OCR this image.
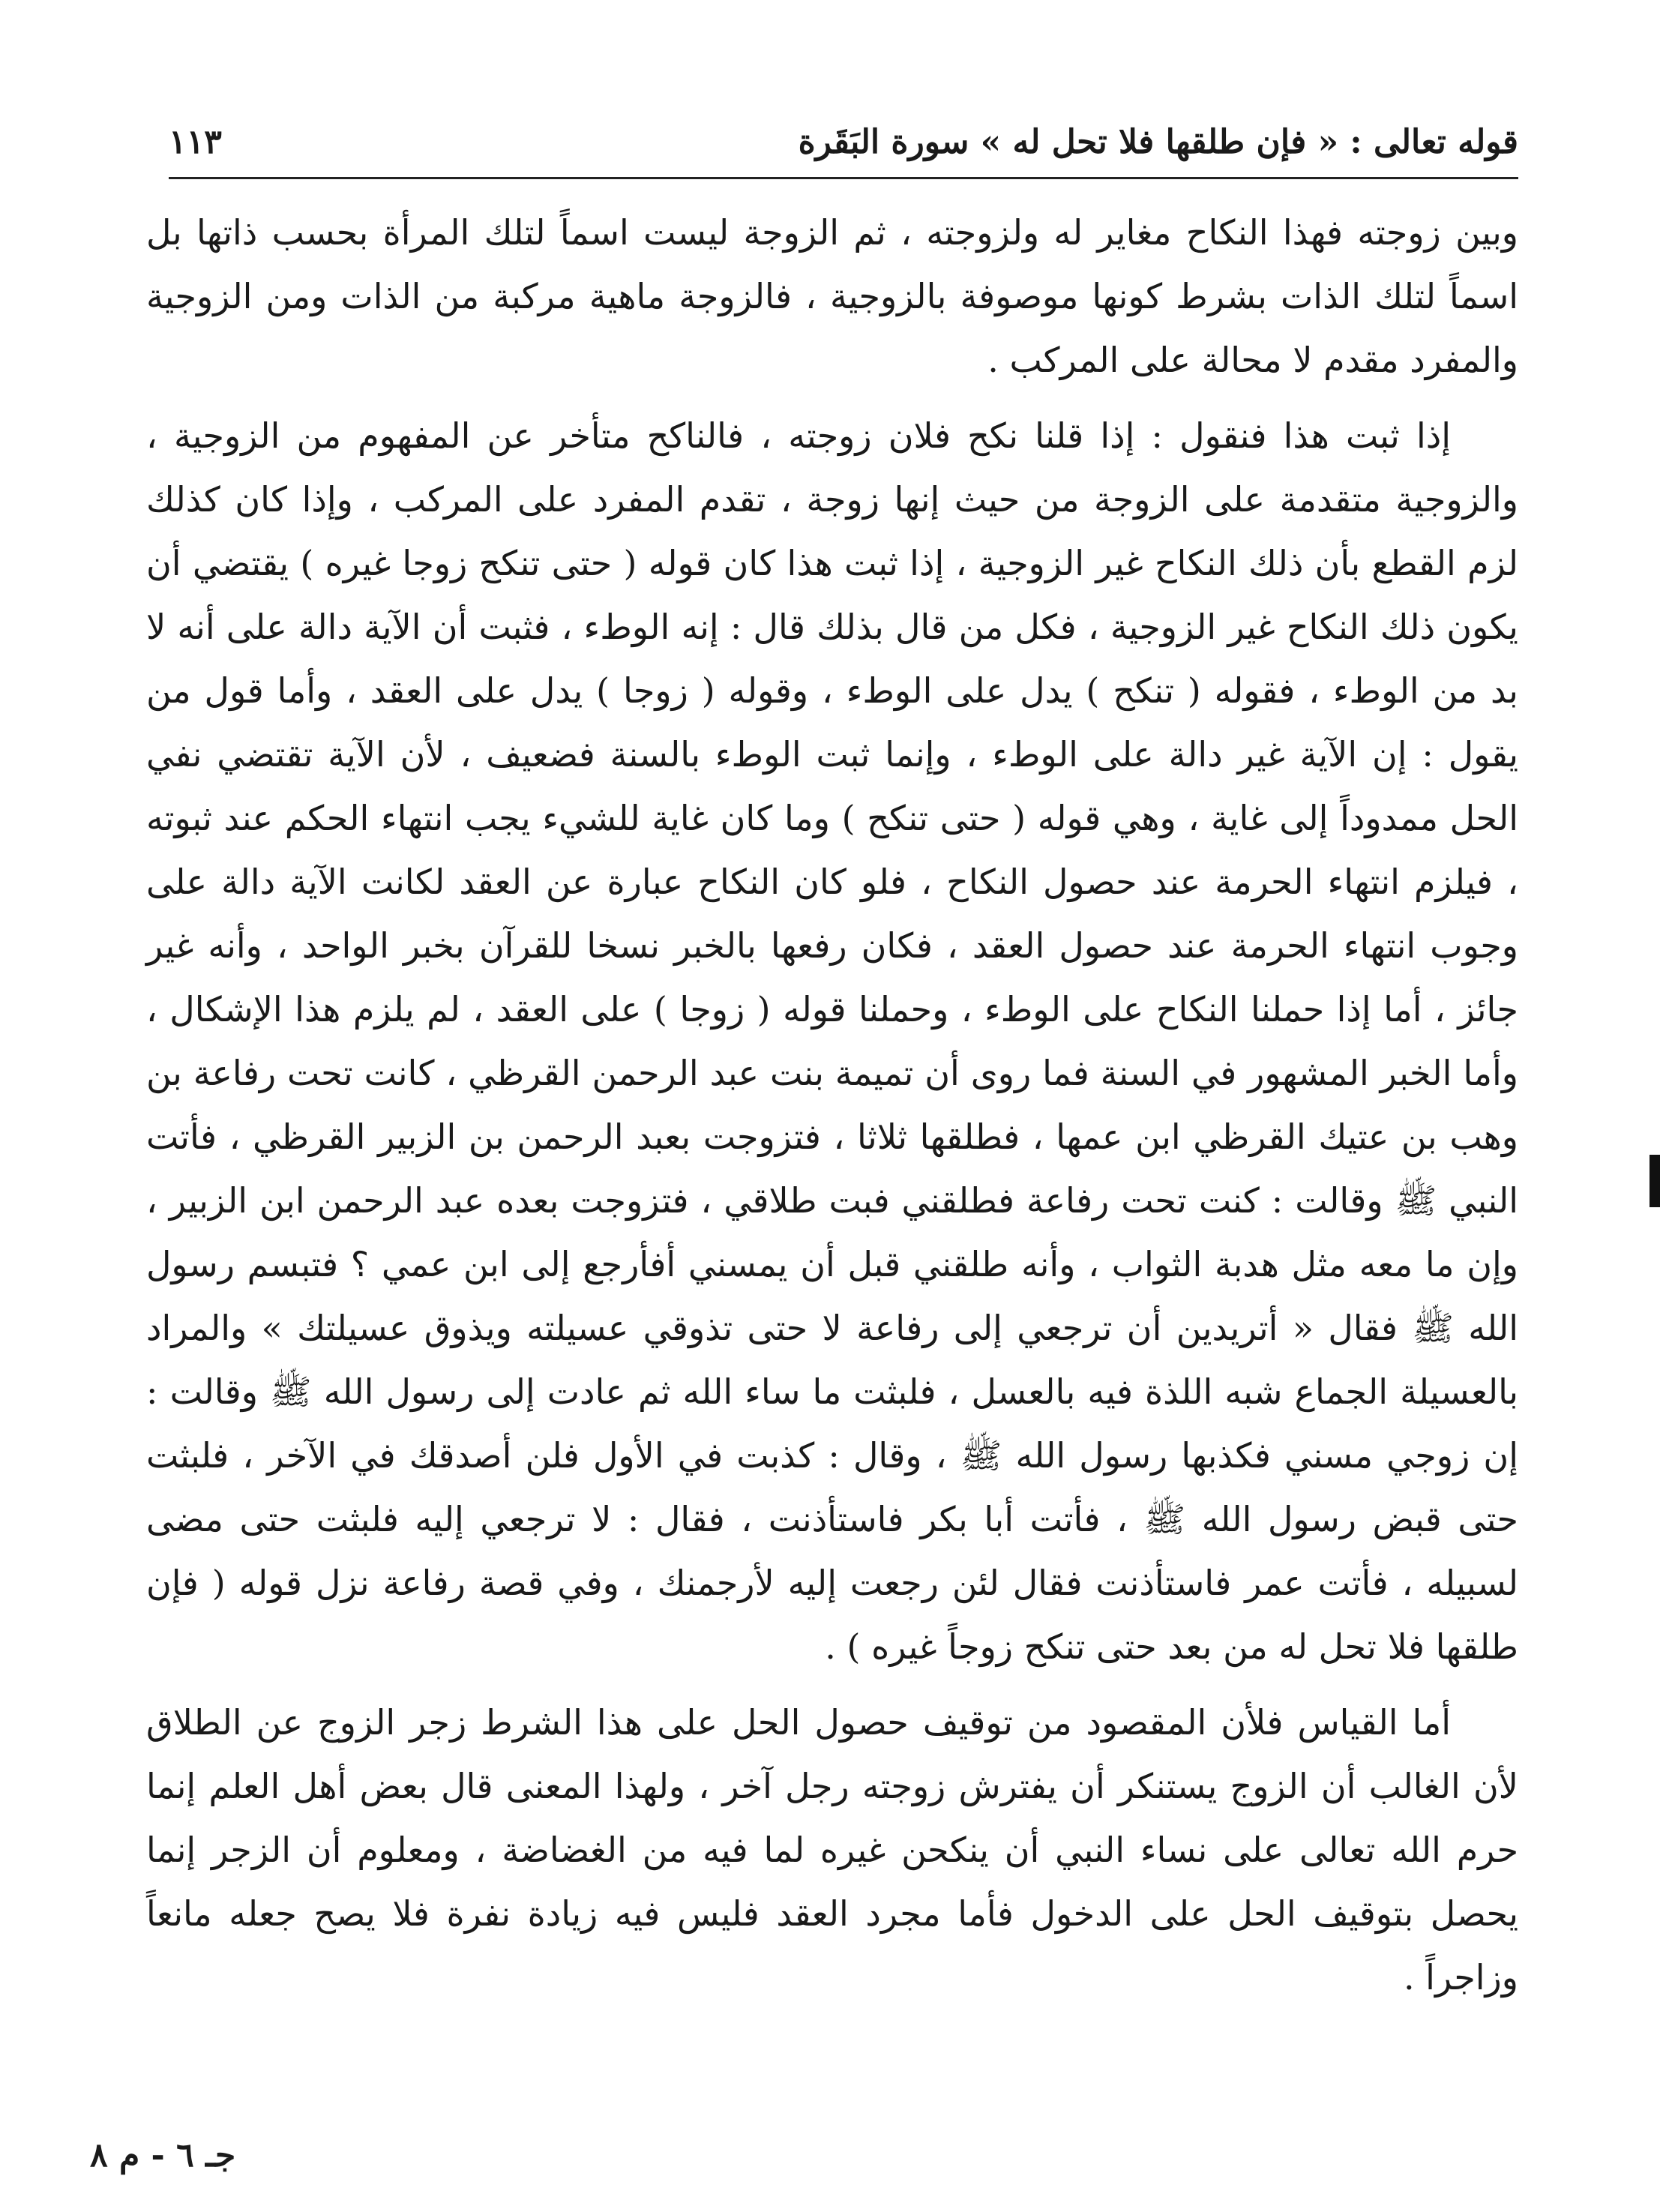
قوله تعالى : « فإن طلقها فلا تحل له » سورة البَقَرة
١١٣

وبين زوجته فهذا النكاح مغاير له ولزوجته ، ثم الزوجة ليست اسماً لتلك المرأة بحسب ذاتها بل اسماً لتلك الذات بشرط كونها موصوفة بالزوجية ، فالزوجة ماهية مركبة من الذات ومن الزوجية والمفرد مقدم لا محالة على المركب .

إذا ثبت هذا فنقول : إذا قلنا نكح فلان زوجته ، فالناكح متأخر عن المفهوم من الزوجية ، والزوجية متقدمة على الزوجة من حيث إنها زوجة ، تقدم المفرد على المركب ، وإذا كان كذلك لزم القطع بأن ذلك النكاح غير الزوجية ، إذا ثبت هذا كان قوله ( حتى تنكح زوجا غيره ) يقتضي أن يكون ذلك النكاح غير الزوجية ، فكل من قال بذلك قال : إنه الوطء ، فثبت أن الآية دالة على أنه لا بد من الوطء ، فقوله ( تنكح ) يدل على الوطء ، وقوله ( زوجا ) يدل على العقد ، وأما قول من يقول : إن الآية غير دالة على الوطء ، وإنما ثبت الوطء بالسنة فضعيف ، لأن الآية تقتضي نفي الحل ممدوداً إلى غاية ، وهي قوله ( حتى تنكح ) وما كان غاية للشيء يجب انتهاء الحكم عند ثبوته ، فيلزم انتهاء الحرمة عند حصول النكاح ، فلو كان النكاح عبارة عن العقد لكانت الآية دالة على وجوب انتهاء الحرمة عند حصول العقد ، فكان رفعها بالخبر نسخا للقرآن بخبر الواحد ، وأنه غير جائز ، أما إذا حملنا النكاح على الوطء ، وحملنا قوله ( زوجا ) على العقد ، لم يلزم هذا الإشكال ، وأما الخبر المشهور في السنة فما روى أن تميمة بنت عبد الرحمن القرظي ، كانت تحت رفاعة بن وهب بن عتيك القرظي ابن عمها ، فطلقها ثلاثا ، فتزوجت بعبد الرحمن بن الزبير القرظي ، فأتت النبي ﷺ وقالت : كنت تحت رفاعة فطلقني فبت طلاقي ، فتزوجت بعده عبد الرحمن ابن الزبير ، وإن ما معه مثل هدبة الثواب ، وأنه طلقني قبل أن يمسني أفأرجع إلى ابن عمي ؟ فتبسم رسول الله ﷺ فقال « أتريدين أن ترجعي إلى رفاعة لا حتى تذوقي عسيلته ويذوق عسيلتك » والمراد بالعسيلة الجماع شبه اللذة فيه بالعسل ، فلبثت ما ساء الله ثم عادت إلى رسول الله ﷺ وقالت : إن زوجي مسني فكذبها رسول الله ﷺ ، وقال : كذبت في الأول فلن أصدقك في الآخر ، فلبثت حتى قبض رسول الله ﷺ ، فأتت أبا بكر فاستأذنت ، فقال : لا ترجعي إليه فلبثت حتى مضى لسبيله ، فأتت عمر فاستأذنت فقال لئن رجعت إليه لأرجمنك ، وفي قصة رفاعة نزل قوله ( فإن طلقها فلا تحل له من بعد حتى تنكح زوجاً غيره ) .

أما القياس فلأن المقصود من توقيف حصول الحل على هذا الشرط زجر الزوج عن الطلاق لأن الغالب أن الزوج يستنكر أن يفترش زوجته رجل آخر ، ولهذا المعنى قال بعض أهل العلم إنما حرم الله تعالى على نساء النبي أن ينكحن غيره لما فيه من الغضاضة ، ومعلوم أن الزجر إنما يحصل بتوقيف الحل على الدخول فأما مجرد العقد فليس فيه زيادة نفرة فلا يصح جعله مانعاً وزاجراً .

جـ ٦ - م ٨
